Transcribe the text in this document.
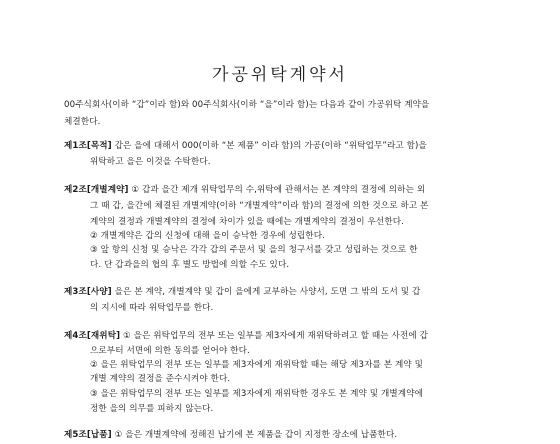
가공위탁계약서
00주식회사(이하 “갑”이라 함)와 00주식회사(이하 “을”이라 함)는 다음과 같이 가공위탁 계약을
체결한다.
제1조[목적] 갑은 을에 대해서 000(이하 “본 제품” 이라 함)의 가공(이하 “위탁업무”라고 함)을
위탁하고 을은 이것을 수탁한다.
제2조[개별계약] ① 갑과 을간 제개 위탁업무의 수,위탁에 관해서는 본 계약의 결정에 의하는 외
그 때 갑, 을간에 체결된 개별계약(이하 “개별계약”이라 함)의 결정에 의한 것으로 하고 본
계약의 결정과 개별계약의 결정에 차이가 있을 때에는 개별계약의 결정이 우선한다.
② 개별계약은 갑의 신청에 대해 을이 승낙한 경우에 성립한다.
③ 앞 항의 신청 및 승낙은 각각 갑의 주문서 및 을의 청구서를 갖고 성립하는 것으로 한
다. 단 갑과을의 협의 후 별도 방법에 의할 수도 있다.
제3조[사양] 을은 본 계약, 개별계약 및 갑이 을에게 교부하는 사양서, 도면 그 밖의 도서 및 갑
의 지시에 따라 위탁업무를 한다.
제4조[재위탁] ① 을은 위탁업무의 전부 또는 일부를 제3자에게 재위탁하려고 할 때는 사전에 갑
으로부터 서면에 의한 동의를 얻어야 한다.
② 을은 위탁업무의 전부 또는 일부를 제3자에게 재위탁할 때는 해당 제3자를 본 계약 및
개별 계약의 결정을 준수시켜야 한다.
③ 을은 위탁업무의 전부 또는 일부를 제3자에게 재위탁한 경우도 본 계약 및 개별계약에
정한 을의 의무를 피하지 않는다.
제5조[납품] ① 을은 개별계약에 정해진 납기에 본 제품을 갑이 지정한 장소에 납품한다.
